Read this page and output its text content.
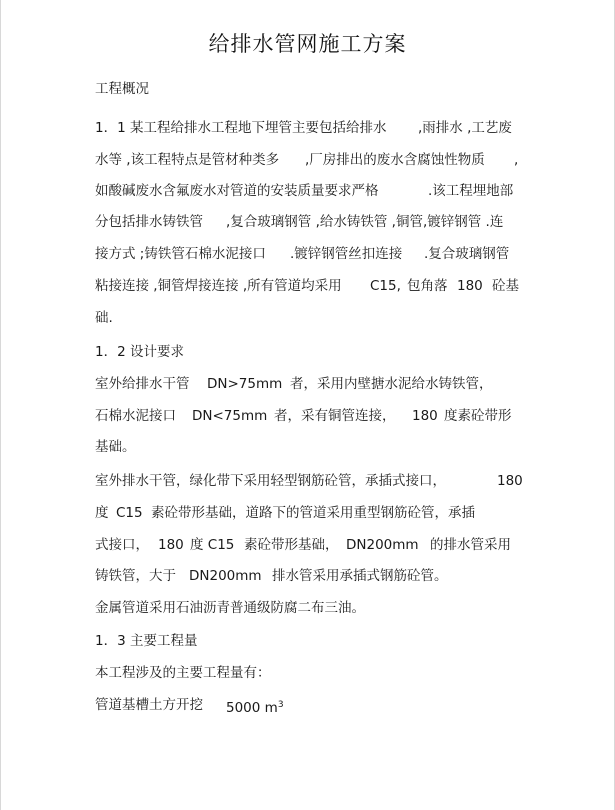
给排水管网施工方案
工程概况
1．1 某工程给排水工程地下埋管主要包括给排水 ,雨排水 ,工艺废
水等 ,该工程特点是管材种类多 ,厂房排出的废水含腐蚀性物质 ,
如酸碱废水含氟废水对管道的安装质量要求严格	.该工程埋地部
分包括排水铸铁管 ,复合玻璃钢管 ,给水铸铁管 ,铜管,镀锌钢管 .连
接方式 ;铸铁管石棉水泥接口 .镀锌钢管丝扣连接 .复合玻璃钢管
粘接连接 ,铜管焊接连接 ,所有管道均采用 C15, 包角落 180 砼基
础.
1．2 设计要求
室外给排水干管 DN>75mm 者，采用内壁搪水泥给水铸铁管，
石棉水泥接口 DN<75mm 者，采有铜管连接， 180 度素砼带形
基础。
室外排水干管，绿化带下采用轻型钢筋砼管，承插式接口，	180
度 C15 素砼带形基础，道路下的管道采用重型钢筋砼管，承插
式接口， 180 度 C15 素砼带形基础， DN200mm 的排水管采用
铸铁管，大于 DN200mm 排水管采用承插式钢筋砼管。
金属管道采用石油沥青普通级防腐二布三油。
1．3 主要工程量
本工程涉及的主要工程量有：
管道基槽土方开挖 5000 $m^3$
